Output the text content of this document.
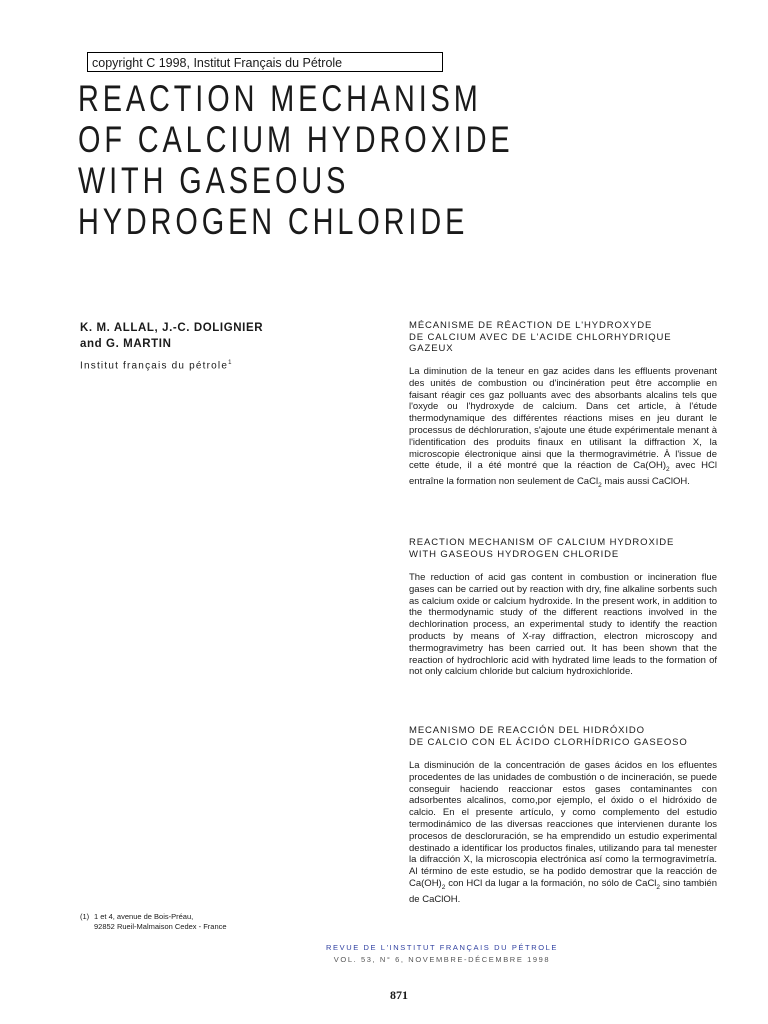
copyright C 1998, Institut Français du Pétrole
REACTION MECHANISM
OF CALCIUM HYDROXIDE
WITH GASEOUS
HYDROGEN CHLORIDE
K. M. ALLAL, J.-C. DOLIGNIER
and G. MARTIN
Institut français du pétrole$^1$
(1) 1 et 4, avenue de Bois-Préau,
92852 Rueil-Malmaison Cedex - France
MÉCANISME DE RÉACTION DE L'HYDROXYDE
DE CALCIUM AVEC DE L'ACIDE CHLORHYDRIQUE
GAZEUX

La diminution de la teneur en gaz acides dans les effluents provenant des unités de combustion ou d'incinération peut être accomplie en faisant réagir ces gaz polluants avec des absorbants alcalins tels que l'oxyde ou l'hydroxyde de calcium. Dans cet article, à l'étude thermodynamique des différentes réactions mises en jeu durant le processus de déchloruration, s'ajoute une étude expérimentale menant à l'identification des produits finaux en utilisant la diffraction X, la microscopie électronique ainsi que la thermogravimétrie. À l'issue de cette étude, il a été montré que la réaction de $Ca(OH)_2$ avec HCl entraîne la formation non seulement de CaCl$_2$ mais aussi CaClOH.

REACTION MECHANISM OF CALCIUM HYDROXIDE
WITH GASEOUS HYDROGEN CHLORIDE

The reduction of acid gas content in combustion or incineration flue gases can be carried out by reaction with dry, fine alkaline sorbents such as calcium oxide or calcium hydroxide. In the present work, in addition to the thermodynamic study of the different reactions involved in the dechlorination process, an experimental study to identify the reaction products by means of X-ray diffraction, electron microscopy and thermogravimetry has been carried out. It has been shown that the reaction of hydrochloric acid with hydrated lime leads to the formation of not only calcium chloride but calcium hydroxichloride.

MECANISMO DE REACCIÓN DEL HIDRÓXIDO
DE CALCIO CON EL ÁCIDO CLORHÍDRICO GASEOSO

La disminución de la concentración de gases ácidos en los efluentes procedentes de las unidades de combustión o de incineración, se puede conseguir haciendo reaccionar estos gases contaminantes con adsorbentes alcalinos, como,por ejemplo, el óxido o el hidróxido de calcio. En el presente artículo, y como complemento del estudio termodinámico de las diversas reacciones que intervienen durante los procesos de descloruración, se ha emprendido un estudio experimental destinado a identificar los productos finales, utilizando para tal menester la difracción X, la microscopia electrónica así como la termogravimetría. Al término de este estudio, se ha podido demostrar que la reacción de $Ca(OH)_2$ con HCl da lugar a la formación, no sólo de CaCl$_2$ sino también de CaClOH.

REVUE DE L'INSTITUT FRANÇAIS DU PÉTROLE
VOL. 53, N° 6, NOVEMBRE-DÉCEMBRE 1998
871
